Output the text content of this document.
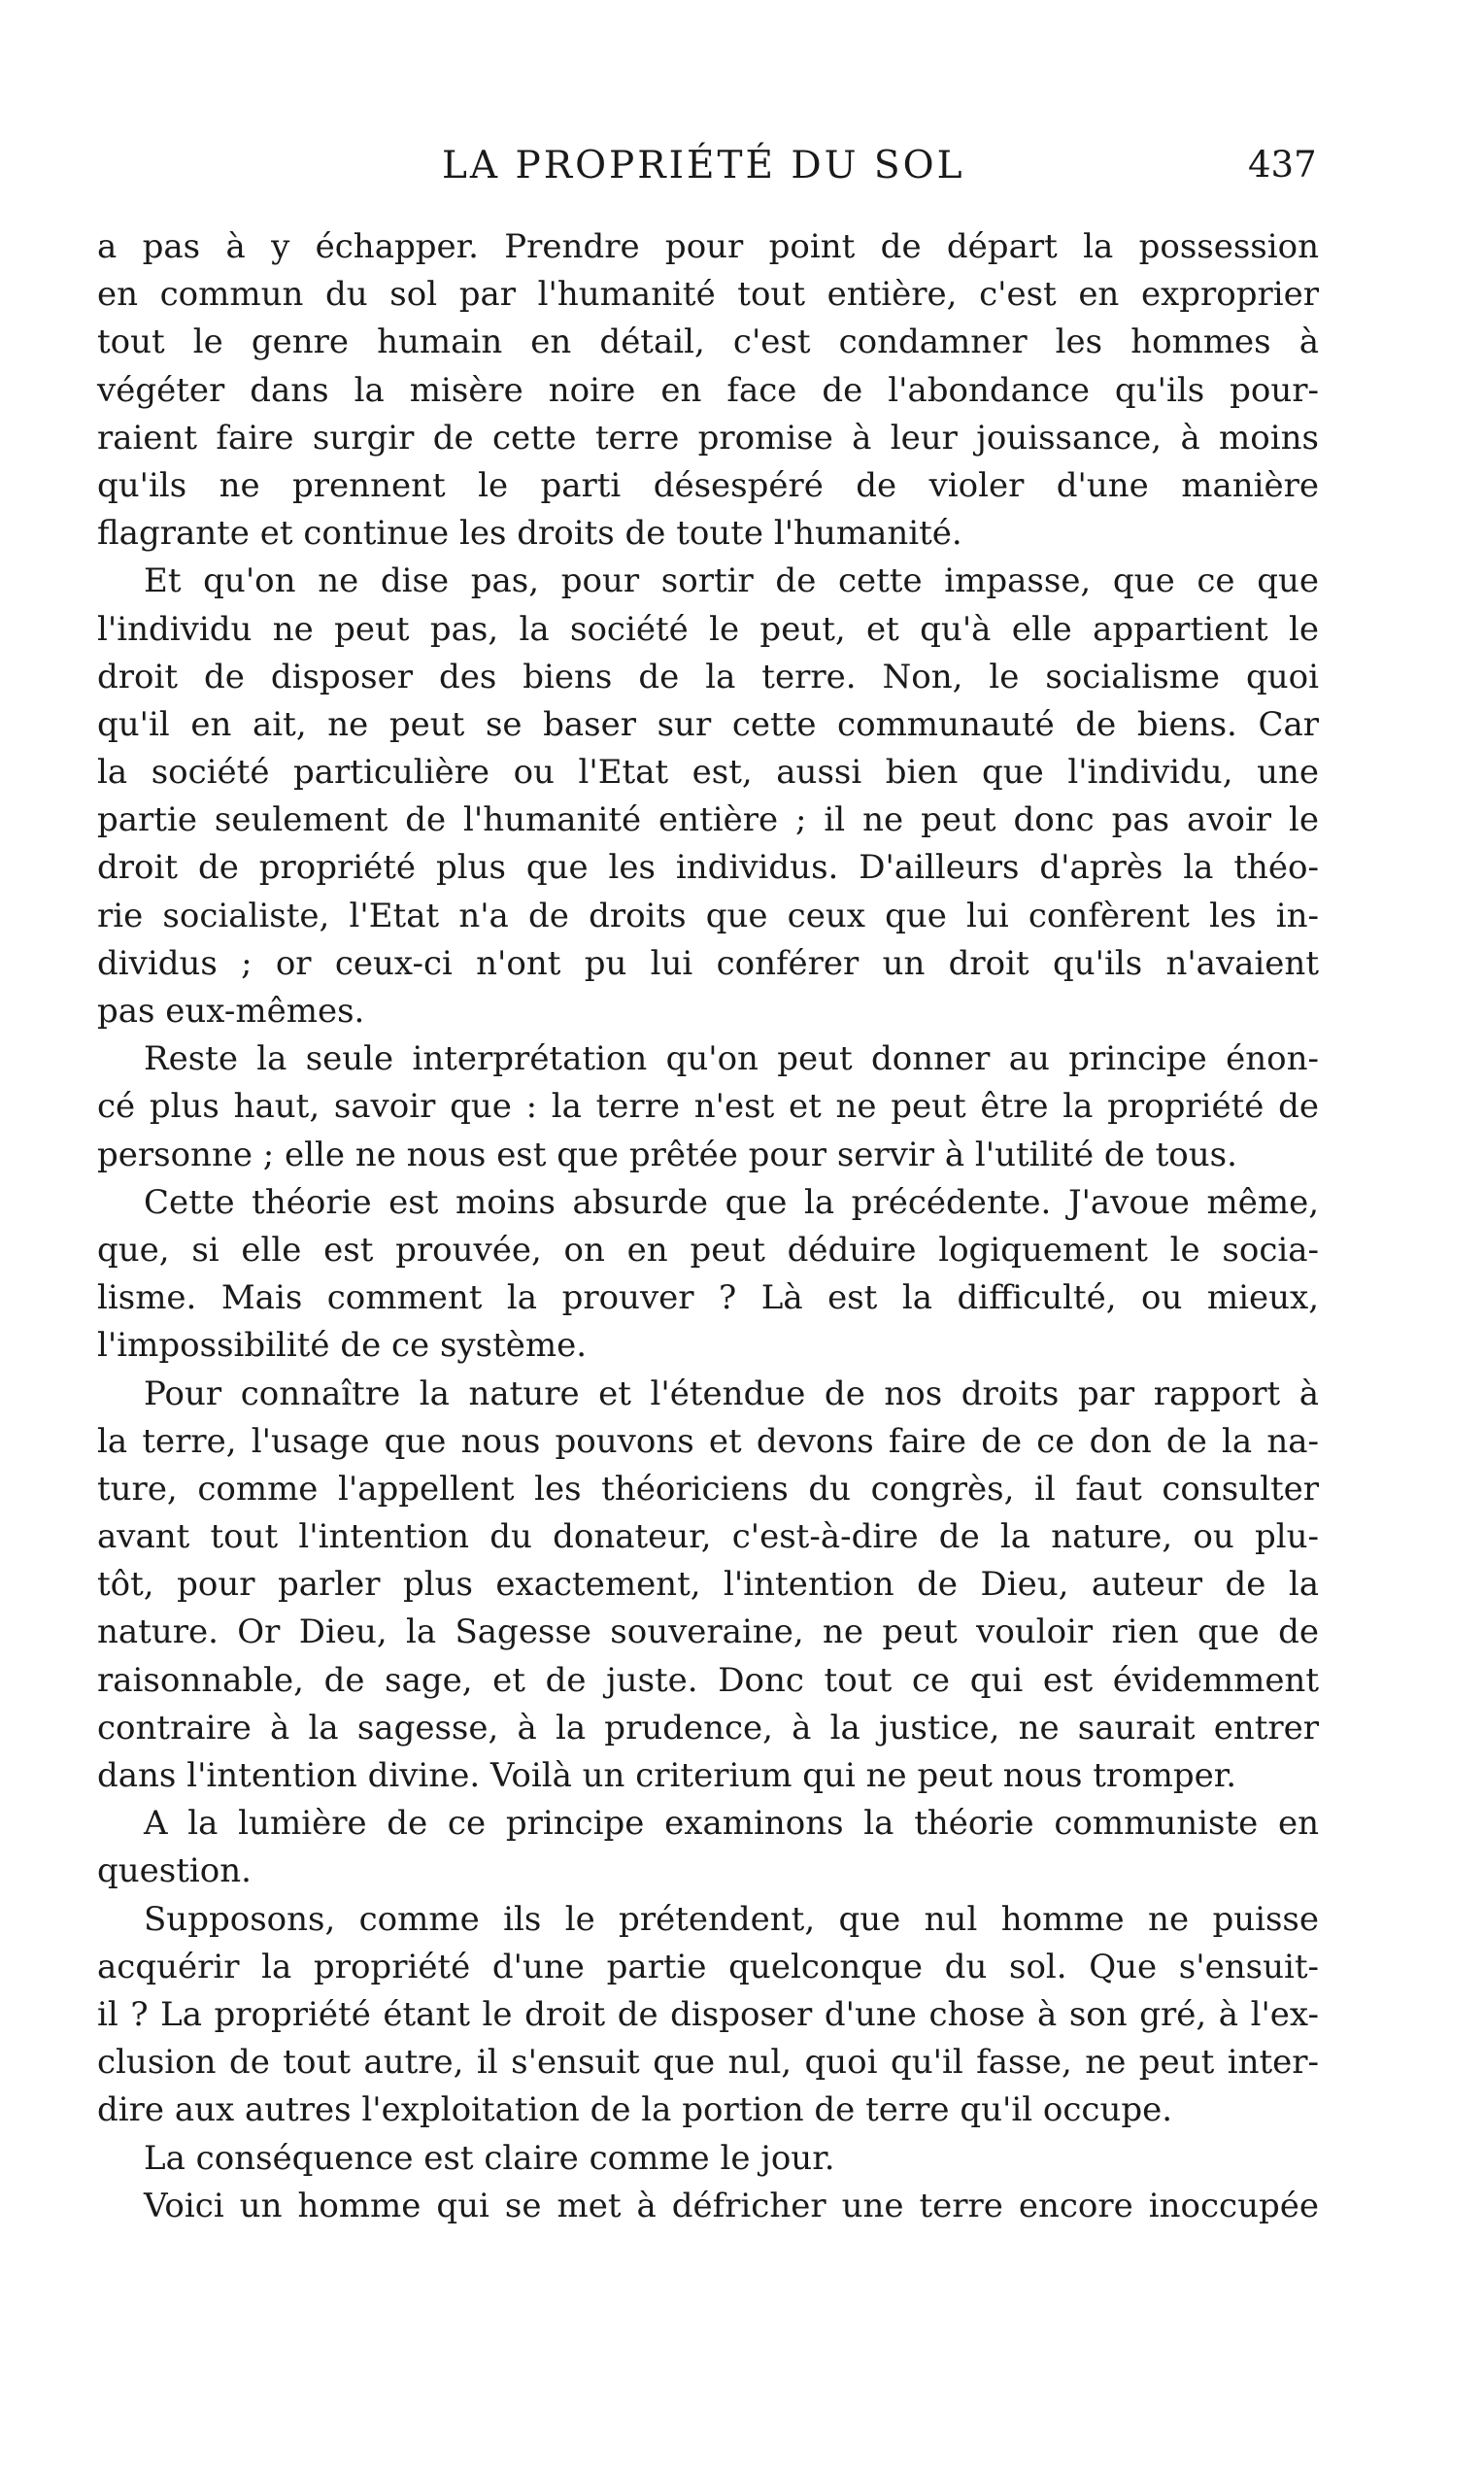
LA PROPRIÉTÉ DU SOL	437
a pas à y échapper. Prendre pour point de départ la possession
en commun du sol par l'humanité tout entière, c'est en exproprier
tout le genre humain en détail, c'est condamner les hommes à
végéter dans la misère noire en face de l'abondance qu'ils pour-
raient faire surgir de cette terre promise à leur jouissance, à moins
qu'ils ne prennent le parti désespéré de violer d'une manière
flagrante et continue les droits de toute l'humanité.
Et qu'on ne dise pas, pour sortir de cette impasse, que ce que
l'individu ne peut pas, la société le peut, et qu'à elle appartient le
droit de disposer des biens de la terre. Non, le socialisme quoi
qu'il en ait, ne peut se baser sur cette communauté de biens. Car
la société particulière ou l'Etat est, aussi bien que l'individu, une
partie seulement de l'humanité entière ; il ne peut donc pas avoir le
droit de propriété plus que les individus. D'ailleurs d'après la théo-
rie socialiste, l'Etat n'a de droits que ceux que lui confèrent les in-
dividus ; or ceux-ci n'ont pu lui conférer un droit qu'ils n'avaient
pas eux-mêmes.
Reste la seule interprétation qu'on peut donner au principe énon-
cé plus haut, savoir que : la terre n'est et ne peut être la propriété de
personne ; elle ne nous est que prêtée pour servir à l'utilité de tous.
Cette théorie est moins absurde que la précédente. J'avoue même,
que, si elle est prouvée, on en peut déduire logiquement le socia-
lisme. Mais comment la prouver ? Là est la difficulté, ou mieux,
l'impossibilité de ce système.
Pour connaître la nature et l'étendue de nos droits par rapport à
la terre, l'usage que nous pouvons et devons faire de ce don de la na-
ture, comme l'appellent les théoriciens du congrès, il faut consulter
avant tout l'intention du donateur, c'est-à-dire de la nature, ou plu-
tôt, pour parler plus exactement, l'intention de Dieu, auteur de la
nature. Or Dieu, la Sagesse souveraine, ne peut vouloir rien que de
raisonnable, de sage, et de juste. Donc tout ce qui est évidemment
contraire à la sagesse, à la prudence, à la justice, ne saurait entrer
dans l'intention divine. Voilà un criterium qui ne peut nous tromper.
A la lumière de ce principe examinons la théorie communiste en
question.
Supposons, comme ils le prétendent, que nul homme ne puisse
acquérir la propriété d'une partie quelconque du sol. Que s'ensuit-
il ? La propriété étant le droit de disposer d'une chose à son gré, à l'ex-
clusion de tout autre, il s'ensuit que nul, quoi qu'il fasse, ne peut inter-
dire aux autres l'exploitation de la portion de terre qu'il occupe.
La conséquence est claire comme le jour.
Voici un homme qui se met à défricher une terre encore inoccupée
